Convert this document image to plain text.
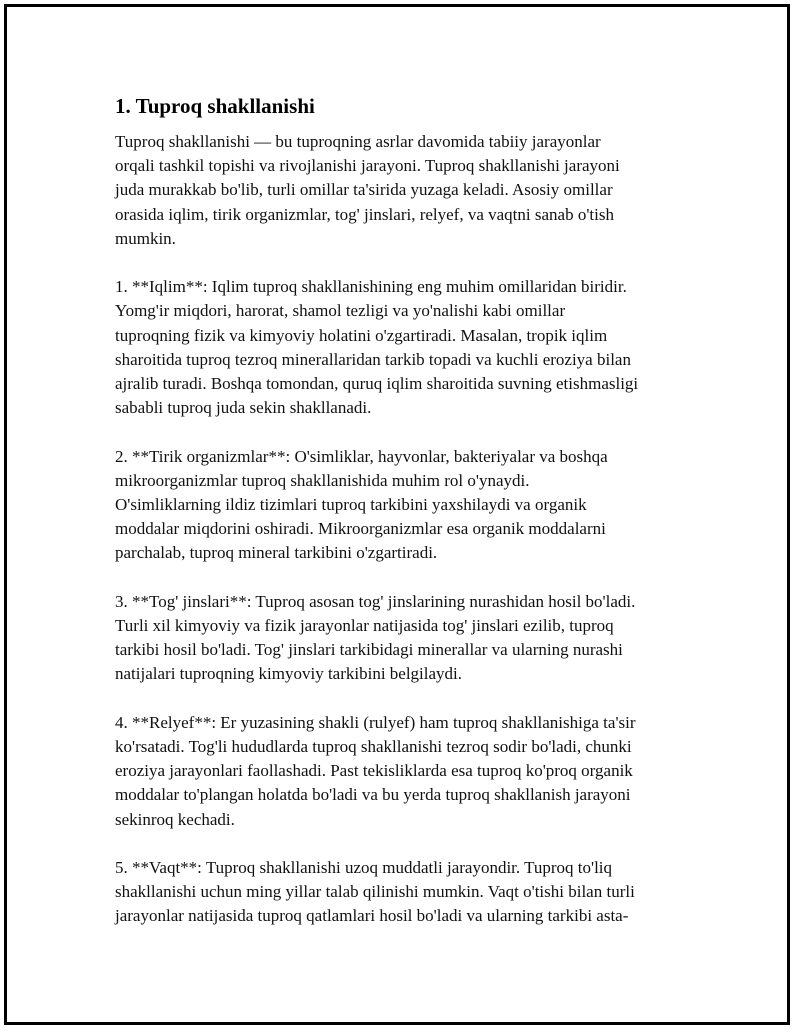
1. Tuproq shakllanishi
Tuproq shakllanishi — bu tuproqning asrlar davomida tabiiy jarayonlar
orqali tashkil topishi va rivojlanishi jarayoni. Tuproq shakllanishi jarayoni
juda murakkab bo'lib, turli omillar ta'sirida yuzaga keladi. Asosiy omillar
orasida iqlim, tirik organizmlar, tog' jinslari, relyef, va vaqtni sanab o'tish
mumkin.
1. **Iqlim**: Iqlim tuproq shakllanishining eng muhim omillaridan biridir.
Yomg'ir miqdori, harorat, shamol tezligi va yo'nalishi kabi omillar
tuproqning fizik va kimyoviy holatini o'zgartiradi. Masalan, tropik iqlim
sharoitida tuproq tezroq minerallaridan tarkib topadi va kuchli eroziya bilan
ajralib turadi. Boshqa tomondan, quruq iqlim sharoitida suvning etishmasligi
sababli tuproq juda sekin shakllanadi.
2. **Tirik organizmlar**: O'simliklar, hayvonlar, bakteriyalar va boshqa
mikroorganizmlar tuproq shakllanishida muhim rol o'ynaydi.
O'simliklarning ildiz tizimlari tuproq tarkibini yaxshilaydi va organik
moddalar miqdorini oshiradi. Mikroorganizmlar esa organik moddalarni
parchalab, tuproq mineral tarkibini o'zgartiradi.
3. **Tog' jinslari**: Tuproq asosan tog' jinslarining nurashidan hosil bo'ladi.
Turli xil kimyoviy va fizik jarayonlar natijasida tog' jinslari ezilib, tuproq
tarkibi hosil bo'ladi. Tog' jinslari tarkibidagi minerallar va ularning nurashi
natijalari tuproqning kimyoviy tarkibini belgilaydi.
4. **Relyef**: Er yuzasining shakli (rulyef) ham tuproq shakllanishiga ta'sir
ko'rsatadi. Tog'li hududlarda tuproq shakllanishi tezroq sodir bo'ladi, chunki
eroziya jarayonlari faollashadi. Past tekisliklarda esa tuproq ko'proq organik
moddalar to'plangan holatda bo'ladi va bu yerda tuproq shakllanish jarayoni
sekinroq kechadi.
5. **Vaqt**: Tuproq shakllanishi uzoq muddatli jarayondir. Tuproq to'liq
shakllanishi uchun ming yillar talab qilinishi mumkin. Vaqt o'tishi bilan turli
jarayonlar natijasida tuproq qatlamlari hosil bo'ladi va ularning tarkibi asta-
